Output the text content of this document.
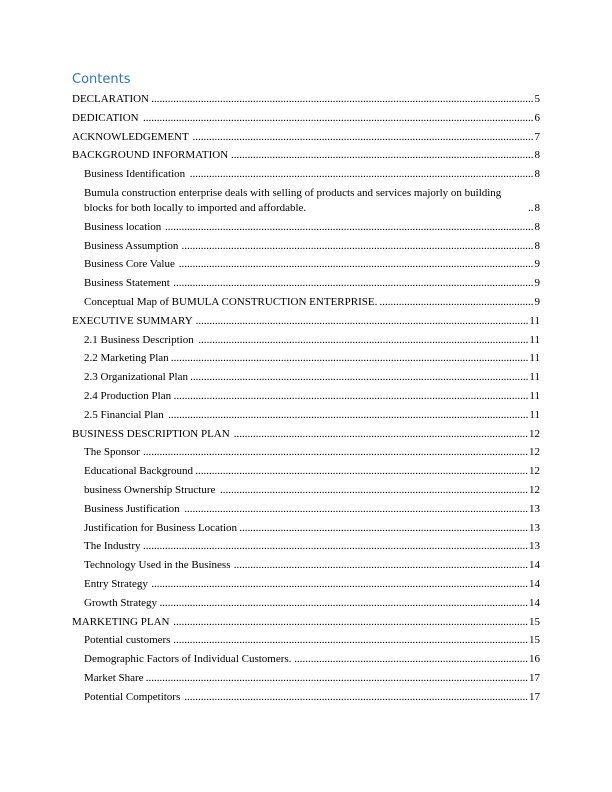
Contents
DECLARATION ........................................................................................................................................... 5
DEDICATION .............................................................................................................................................. 6
ACKNOWLEDGEMENT ............................................................................................................................ 7
BACKGROUND INFORMATION .............................................................................................................. 8
Business Identification ............................................................................................................................. 8
Bumula construction enterprise deals with selling of products and services majorly on building blocks for both locally to imported and affordable.	.. 8
Business location ...................................................................................................................................... 8
Business Assumption ................................................................................................................................ 8
Business Core Value ................................................................................................................................. 9
Business Statement ................................................................................................................................... 9
Conceptual Map of BUMULA CONSTRUCTION ENTERPRISE. ........................................................ 9
EXECUTIVE SUMMARY ......................................................................................................................... 11
2.1 Business Description ........................................................................................................................ 11
2.2 Marketing Plan .................................................................................................................................. 11
2.3 Organizational Plan ........................................................................................................................... 11
2.4 Production Plan ................................................................................................................................. 11
2.5 Financial Plan ................................................................................................................................... 11
BUSINESS DESCRIPTION PLAN ........................................................................................................... 12
The Sponsor ............................................................................................................................................ 12
Educational Background ......................................................................................................................... 12
business Ownership Structure ................................................................................................................ 12
Business Justification ............................................................................................................................. 13
Justification for Business Location ......................................................................................................... 13
The Industry ............................................................................................................................................ 13
Technology Used in the Business ........................................................................................................... 14
Entry Strategy ......................................................................................................................................... 14
Growth Strategy ...................................................................................................................................... 14
MARKETING PLAN ................................................................................................................................. 15
Potential customers ................................................................................................................................. 15
Demographic Factors of Individual Customers. ..................................................................................... 16
Market Share ........................................................................................................................................... 17
Potential Competitors ............................................................................................................................. 17
